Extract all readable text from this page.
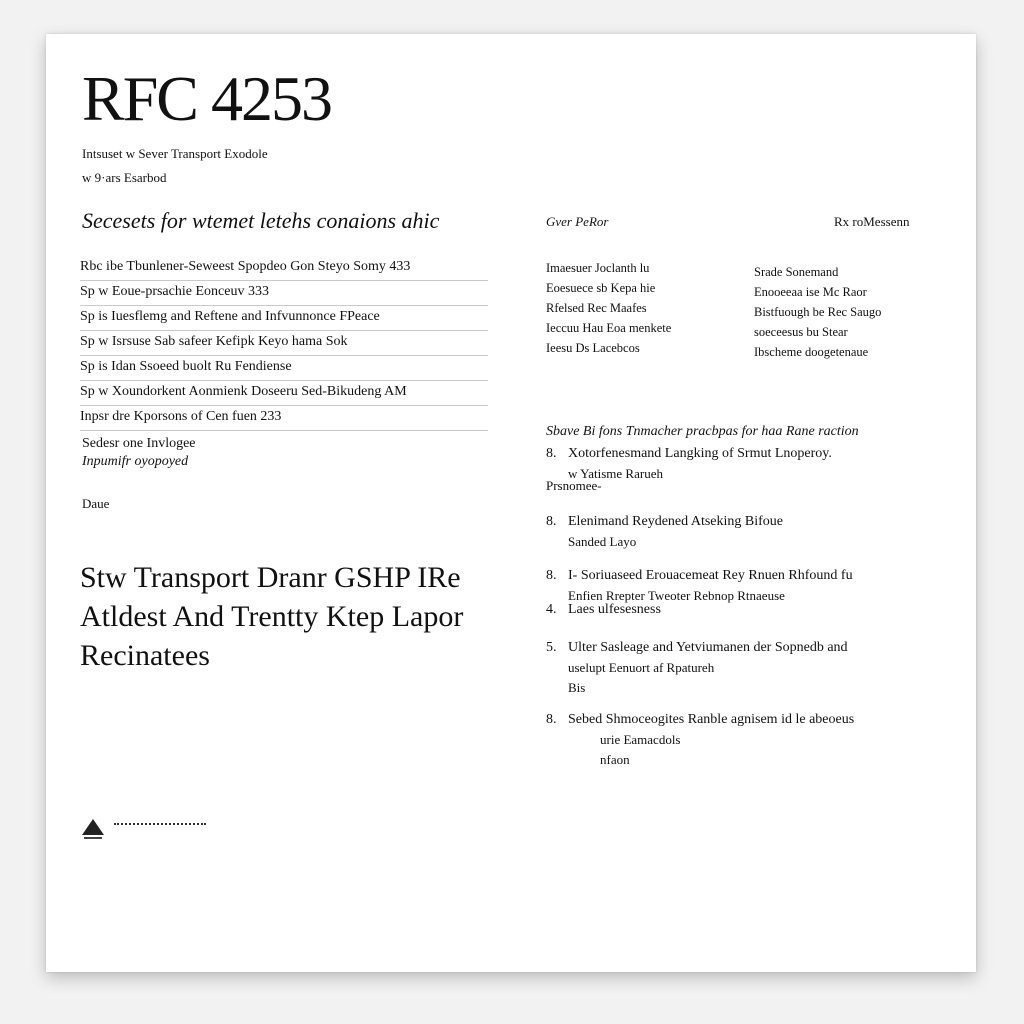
RFC 4253
Intsuset w Sever Transport Exodole
w 9·ars Esarbod
Secesets for wtemet letehs conaions ahic
Rbc ibe Tbunlener-Seweest Spopdeo Gon Steyo Somy 433
Sp w Eoue-prsachie Eonceuv 333
Sp is Iuesflemg and Reftene and Infvunnonce FPeace
Sp w Isrsuse Sab safeer Kefipk Keyo hama Sok
Sp is Idan Ssoeed buolt Ru Fendiense
Sp w Xoundorkent Aonmienk Doseeru Sed-Bikudeng AM
Inpsr dre Kporsons of Cen fuen 233
Sedesr one Invlogee
Inpumifr oyopoyed
Daue
Stw Transport Dranr GSHP IRe Atldest And Trentty Ktep Lapor Recinatees
Gver PeRor	Rx roMessenn
Imaesuer Joclanth lu
Eoesuece sb Kepa hie
Rfelsed Rec Maafes
Ieccuu Hau Eoa menkete
Ieesu Ds Lacebcos
Srade Sonemand
Enooeeaa ise Mc Raor
Bistfuough be Rec Saugo
soeceesus bu Stear
Ibscheme doogetenaue
Sbave Bi fons Tnmacher pracbpas for haa Rane raction
Prsnomee-
8. Xotorfenesmand Langking of Srmut Lnoperoy.
w Yatisme Rarueh
8. Elenimand Reydened Atseking Bifoue
Sanded Layo
8. I- Soriuaseed Erouacemeat Rey Rnuen Rhfound fu
Enfien Rrepter Tweoter Rebnop Rtnaeuse
4. Laes ulfesesness
5. Ulter Sasleage and Yetviumanen der Sopnedb and
uselupt Eenuort af Rpatureh
Bis
8. Sebed Shmoceogites Ranble agnisem id le abeoeus
urie Eamacdols
nfaon
